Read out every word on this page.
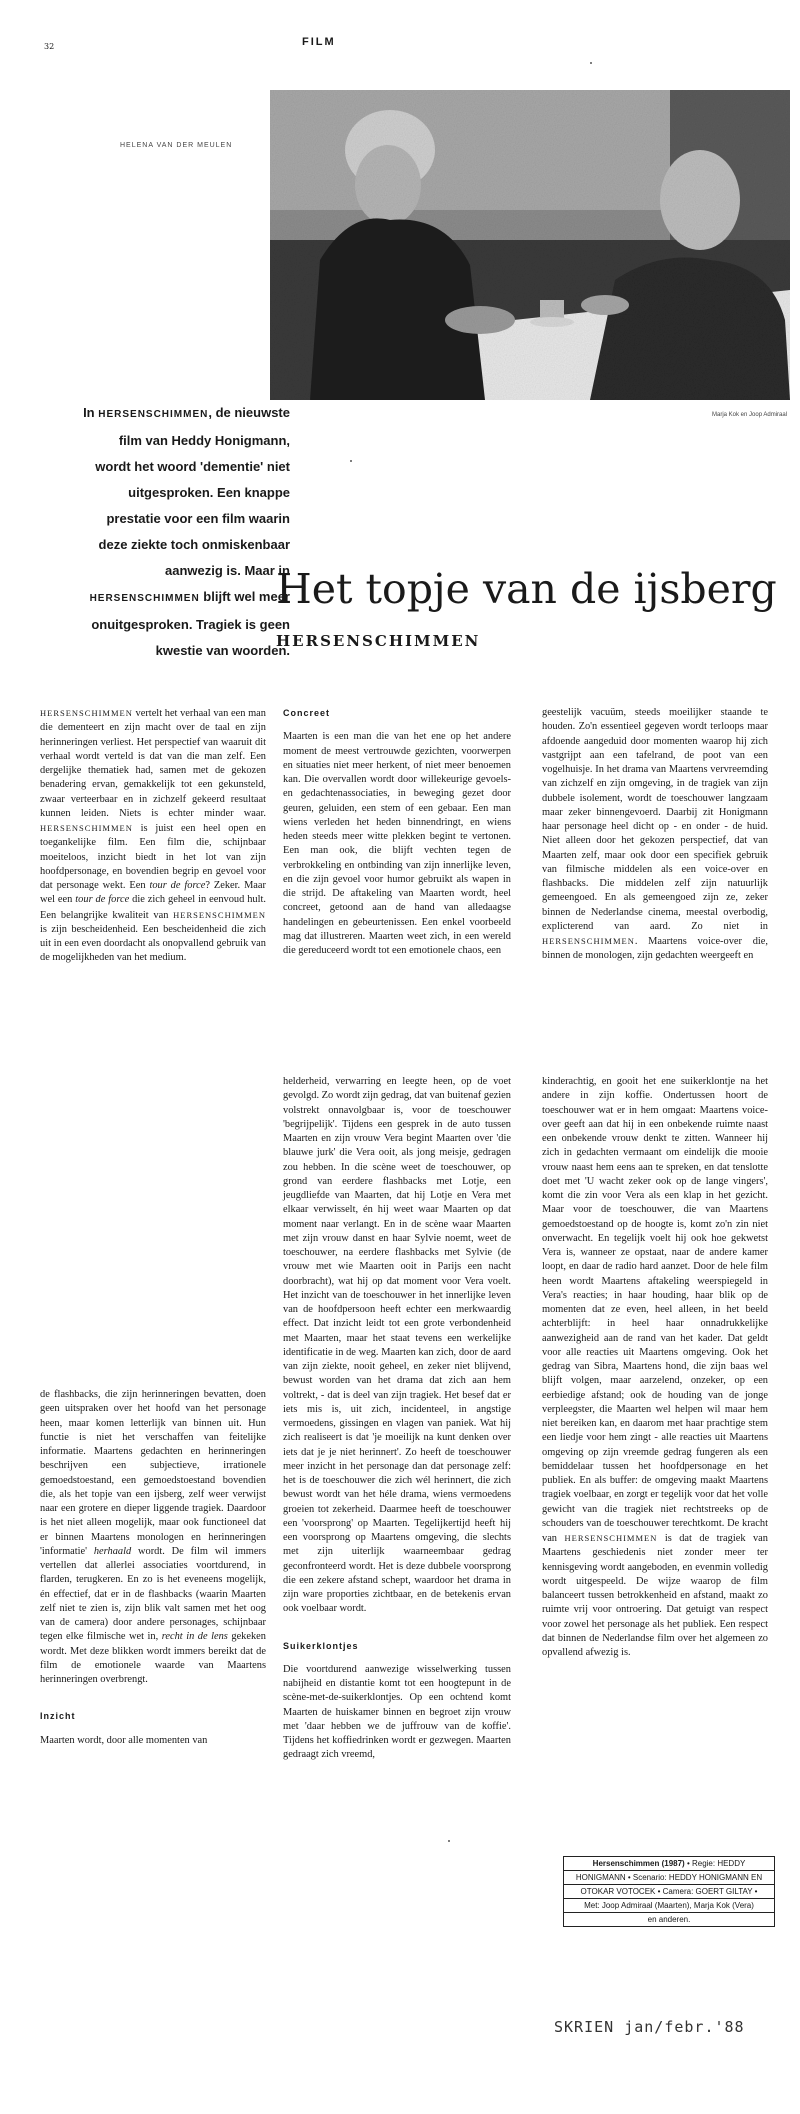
32	FILM
HELENA VAN DER MEULEN
Marja Kok en Joop Admiraal
In HERSENSCHIMMEN, de nieuwste
film van Heddy Honigmann,
wordt het woord 'dementie' niet
uitgesproken. Een knappe
prestatie voor een film waarin
deze ziekte toch onmiskenbaar
aanwezig is. Maar in
HERSENSCHIMMEN blijft wel meer
onuitgesproken. Tragiek is geen
kwestie van woorden.
Het topje van de ijsberg
HERSENSCHIMMEN

HERSENSCHIMMEN vertelt het verhaal van een man die dementeert en zijn macht over de taal en zijn herinneringen verliest. Het perspectief van waaruit dit verhaal wordt verteld is dat van die man zelf. Een dergelijke thematiek had, samen met de gekozen benadering ervan, gemakkelijk tot een gekunsteld, zwaar verteerbaar en in zichzelf gekeerd resultaat kunnen leiden. Niets is echter minder waar. HERSENSCHIMMEN is juist een heel open en toegankelijke film. Een film die, schijnbaar moeiteloos, inzicht biedt in het lot van zijn hoofdpersonage, en bovendien begrip en gevoel voor dat personage wekt. Een tour de force? Zeker. Maar wel een tour de force die zich geheel in eenvoud hult. Een belangrijke kwaliteit van HERSENSCHIMMEN is zijn bescheidenheid. Een bescheidenheid die zich uit in een even doordacht als onopvallend gebruik van de mogelijkheden van het medium.

Concreet

Maarten is een man die van het ene op het andere moment de meest vertrouwde gezichten, voorwerpen en situaties niet meer herkent, of niet meer benoemen kan. Die overvallen wordt door willekeurige gevoels- en gedachtenassociaties, in beweging gezet door geuren, geluiden, een stem of een gebaar. Een man wiens verleden het heden binnendringt, en wiens heden steeds meer witte plekken begint te vertonen. Een man ook, die blijft vechten tegen de verbrokkeling en ontbinding van zijn innerlijke leven, en die zijn gevoel voor humor gebruikt als wapen in die strijd. De aftakeling van Maarten wordt, heel concreet, getoond aan de hand van alledaagse handelingen en gebeurtenissen. Een enkel voorbeeld mag dat illustreren. Maarten weet zich, in een wereld die gereduceerd wordt tot een emotionele chaos, een

geestelijk vacuüm, steeds moeilijker staande te houden. Zo'n essentieel gegeven wordt terloops maar afdoende aangeduid door momenten waarop hij zich vastgrijpt aan een tafelrand, de poot van een vogelhuisje. In het drama van Maartens vervreemding van zichzelf en zijn omgeving, in de tragiek van zijn dubbele isolement, wordt de toeschouwer langzaam maar zeker binnengevoerd. Daarbij zit Honigmann haar personage heel dicht op - en onder - de huid. Niet alleen door het gekozen perspectief, dat van Maarten zelf, maar ook door een specifiek gebruik van filmische middelen als een voice-over en flashbacks. Die middelen zelf zijn natuurlijk gemeengoed. En als gemeengoed zijn ze, zeker binnen de Nederlandse cinema, meestal overbodig, explicterend van aard. Zo niet in HERSENSCHIMMEN. Maartens voice-over die, binnen de monologen, zijn gedachten weergeeft en

de flashbacks, die zijn herinneringen bevatten, doen geen uitspraken over het hoofd van het personage heen, maar komen letterlijk van binnen uit. Hun functie is niet het verschaffen van feitelijke informatie. Maartens gedachten en herinneringen beschrijven een subjectieve, irrationele gemoedstoestand, een gemoedstoestand bovendien die, als het topje van een ijsberg, zelf weer verwijst naar een grotere en dieper liggende tragiek. Daardoor is het niet alleen mogelijk, maar ook functioneel dat er binnen Maartens monologen en herinneringen 'informatie' herhaald wordt. De film wil immers vertellen dat allerlei associaties voortdurend, in flarden, terugkeren. En zo is het eveneens mogelijk, én effectief, dat er in de flashbacks (waarin Maarten zelf niet te zien is, zijn blik valt samen met het oog van de camera) door andere personages, schijnbaar tegen elke filmische wet in, recht in de lens gekeken wordt. Met deze blikken wordt immers bereikt dat de film de emotionele waarde van Maartens herinneringen overbrengt.

Inzicht

Maarten wordt, door alle momenten van

helderheid, verwarring en leegte heen, op de voet gevolgd. Zo wordt zijn gedrag, dat van buitenaf gezien volstrekt onnavolgbaar is, voor de toeschouwer 'begrijpelijk'. Tijdens een gesprek in de auto tussen Maarten en zijn vrouw Vera begint Maarten over 'die blauwe jurk' die Vera ooit, als jong meisje, gedragen zou hebben. In die scène weet de toeschouwer, op grond van eerdere flashbacks met Lotje, een jeugdliefde van Maarten, dat hij Lotje en Vera met elkaar verwisselt, én hij weet waar Maarten op dat moment naar verlangt. En in de scène waar Maarten met zijn vrouw danst en haar Sylvie noemt, weet de toeschouwer, na eerdere flashbacks met Sylvie (de vrouw met wie Maarten ooit in Parijs een nacht doorbracht), wat hij op dat moment voor Vera voelt. Het inzicht van de toeschouwer in het innerlijke leven van de hoofdpersoon heeft echter een merkwaardig effect. Dat inzicht leidt tot een grote verbondenheid met Maarten, maar het staat tevens een werkelijke identificatie in de weg. Maarten kan zich, door de aard van zijn ziekte, nooit geheel, en zeker niet blijvend, bewust worden van het drama dat zich aan hem voltrekt, - dat is deel van zijn tragiek. Het besef dat er iets mis is, uit zich, incidenteel, in angstige vermoedens, gissingen en vlagen van paniek. Wat hij zich realiseert is dat 'je moeilijk na kunt denken over iets dat je je niet herinnert'. Zo heeft de toeschouwer meer inzicht in het personage dan dat personage zelf: het is de toeschouwer die zich wél herinnert, die zich bewust wordt van het héle drama, wiens vermoedens groeien tot zekerheid. Daarmee heeft de toeschouwer een 'voorsprong' op Maarten. Tegelijkertijd heeft hij een voorsprong op Maartens omgeving, die slechts met zijn uiterlijk waarneembaar gedrag geconfronteerd wordt. Het is deze dubbele voorsprong die een zekere afstand schept, waardoor het drama in zijn ware proporties zichtbaar, en de betekenis ervan ook voelbaar wordt.

Suikerklontjes

Die voortdurend aanwezige wisselwerking tussen nabijheid en distantie komt tot een hoogtepunt in de scène-met-de-suikerklontjes. Op een ochtend komt Maarten de huiskamer binnen en begroet zijn vrouw met 'daar hebben we de juffrouw van de koffie'. Tijdens het koffiedrinken wordt er gezwegen. Maarten gedraagt zich vreemd,

kinderachtig, en gooit het ene suikerklontje na het andere in zijn koffie. Ondertussen hoort de toeschouwer wat er in hem omgaat: Maartens voice-over geeft aan dat hij in een onbekende ruimte naast een onbekende vrouw denkt te zitten. Wanneer hij zich in gedachten vermaant om eindelijk die mooie vrouw naast hem eens aan te spreken, en dat tenslotte doet met 'U wacht zeker ook op de lange vingers', komt die zin voor Vera als een klap in het gezicht. Maar voor de toeschouwer, die van Maartens gemoedstoestand op de hoogte is, komt zo'n zin niet onverwacht. En tegelijk voelt hij ook hoe gekwetst Vera is, wanneer ze opstaat, naar de andere kamer loopt, en daar de radio hard aanzet. Door de hele film heen wordt Maartens aftakeling weerspiegeld in Vera's reacties; in haar houding, haar blik op de momenten dat ze even, heel alleen, in het beeld achterblijft: in heel haar onnadrukkelijke aanwezigheid aan de rand van het kader. Dat geldt voor alle reacties uit Maartens omgeving. Ook het gedrag van Sibra, Maartens hond, die zijn baas wel blijft volgen, maar aarzelend, onzeker, op een eerbiedige afstand; ook de houding van de jonge verpleegster, die Maarten wel helpen wil maar hem niet bereiken kan, en daarom met haar prachtige stem een liedje voor hem zingt - alle reacties uit Maartens omgeving op zijn vreemde gedrag fungeren als een bemiddelaar tussen het hoofdpersonage en het publiek. En als buffer: de omgeving maakt Maartens tragiek voelbaar, en zorgt er tegelijk voor dat het volle gewicht van die tragiek niet rechtstreeks op de schouders van de toeschouwer terechtkomt. De kracht van HERSENSCHIMMEN is dat de tragiek van Maartens geschiedenis niet zonder meer ter kennisgeving wordt aangeboden, en evenmin volledig wordt uitgespeeld. De wijze waarop de film balanceert tussen betrokkenheid en afstand, maakt zo ruimte vrij voor ontroering. Dat getuigt van respect voor zowel het personage als het publiek. Een respect dat binnen de Nederlandse film over het algemeen zo opvallend afwezig is.

Hersenschimmen (1987) • Regie: HEDDY
HONIGMANN • Scenario: HEDDY HONIGMANN EN
OTOKAR VOTOCEK • Camera: GOERT GILTAY •
Met: Joop Admiraal (Maarten), Marja Kok (Vera)
en anderen.
SKRIEN jan/febr.'88
